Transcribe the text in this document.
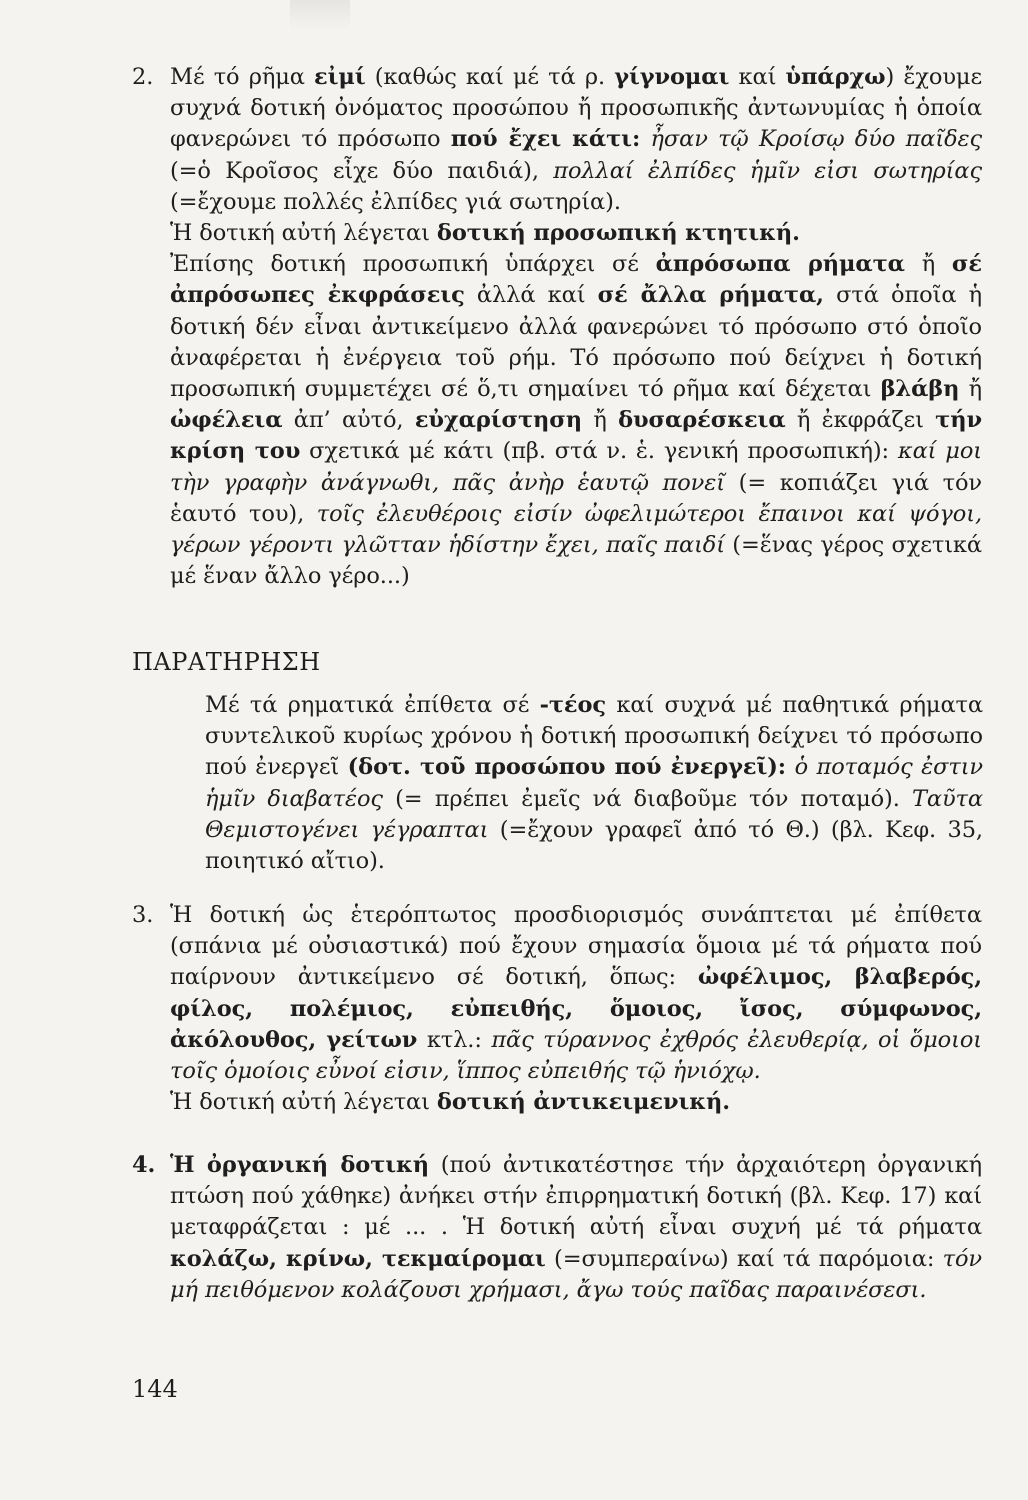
2. Μέ τό ρῆμα εἰμί (καθώς καί μέ τά ρ. γίγνομαι καί ὑπάρχω) ἔχουμε συχνά δοτική ὀνόματος προσώπου ἤ προσωπικῆς ἀντωνυμίας ἡ ὁποία φανερώνει τό πρόσωπο πού ἔχει κάτι: ἦσαν τῷ Κροίσῳ δύο παῖδες (=ὁ Κροῖσος εἶχε δύο παιδιά), πολλαί ἐλπίδες ἡμῖν εἰσι σωτηρίας (=ἔχουμε πολλές ἐλπίδες γιά σωτηρία).

Ἡ δοτική αὐτή λέγεται δοτική προσωπική κτητική.

Ἐπίσης δοτική προσωπική ὑπάρχει σέ ἀπρόσωπα ρήματα ἤ σέ ἀπρόσωπες ἐκφράσεις ἀλλά καί σέ ἄλλα ρήματα, στά ὁποῖα ἡ δοτική δέν εἶναι ἀντικείμενο ἀλλά φανερώνει τό πρόσωπο στό ὁποῖο ἀναφέρεται ἡ ἐνέργεια τοῦ ρήμ. Τό πρόσωπο πού δείχνει ἡ δοτική προσωπική συμμετέχει σέ ὅ,τι σημαίνει τό ρῆμα καί δέχεται βλάβη ἤ ὠφέλεια ἀπ’ αὐτό, εὐχαρίστηση ἤ δυσαρέσκεια ἤ ἐκφράζει τήν κρίση του σχετικά μέ κάτι (πβ. στά ν. ἑ. γενική προσωπική): καί μοι τὴν γραφὴν ἀνάγνωθι, πᾶς ἀνὴρ ἑαυτῷ πονεῖ (= κοπιάζει γιά τόν ἑαυτό του), τοῖς ἐλευθέροις εἰσίν ὠφελιμώτεροι ἔπαινοι καί ψόγοι, γέρων γέροντι γλῶτταν ἡδίστην ἔχει, παῖς παιδί (=ἕνας γέρος σχετικά μέ ἕναν ἄλλο γέρο...)

ΠΑΡΑΤΗΡΗΣΗ

Μέ τά ρηματικά ἐπίθετα σέ -τέος καί συχνά μέ παθητικά ρήματα συντελικοῦ κυρίως χρόνου ἡ δοτική προσωπική δείχνει τό πρόσωπο πού ἐνεργεῖ (δοτ. τοῦ προσώπου πού ἐνεργεῖ): ὁ ποταμός ἐστιν ἡμῖν διαβατέος (= πρέπει ἐμεῖς νά διαβοῦμε τόν ποταμό). Ταῦτα Θεμιστογένει γέγραπται (=ἔχουν γραφεῖ ἀπό τό Θ.) (βλ. Κεφ. 35, ποιητικό αἴτιο).

3. Ἡ δοτική ὡς ἑτερόπτωτος προσδιορισμός συνάπτεται μέ ἐπίθετα (σπάνια μέ οὐσιαστικά) πού ἔχουν σημασία ὅμοια μέ τά ρήματα πού παίρνουν ἀντικείμενο σέ δοτική, ὅπως: ὠφέλιμος, βλαβερός, φίλος, πολέμιος, εὐπειθής, ὅμοιος, ἴσος, σύμφωνος, ἀκόλουθος, γείτων κτλ.: πᾶς τύραννος ἐχθρός ἐλευθερίᾳ, οἱ ὅμοιοι τοῖς ὁμοίοις εὖνοί εἰσιν, ἵππος εὐπειθής τῷ ἡνιόχῳ.

Ἡ δοτική αὐτή λέγεται δοτική ἀντικειμενική.

4. Ἡ ὀργανική δοτική (πού ἀντικατέστησε τήν ἀρχαιότερη ὀργανική πτώση πού χάθηκε) ἀνήκει στήν ἐπιρρηματική δοτική (βλ. Κεφ. 17) καί μεταφράζεται : μέ ... . Ἡ δοτική αὐτή εἶναι συχνή μέ τά ρήματα κολάζω, κρίνω, τεκμαίρομαι (=συμπεραίνω) καί τά παρόμοια: τόν μή πειθόμενον κολάζουσι χρήμασι, ἄγω τούς παῖδας παραινέσεσι.

144
